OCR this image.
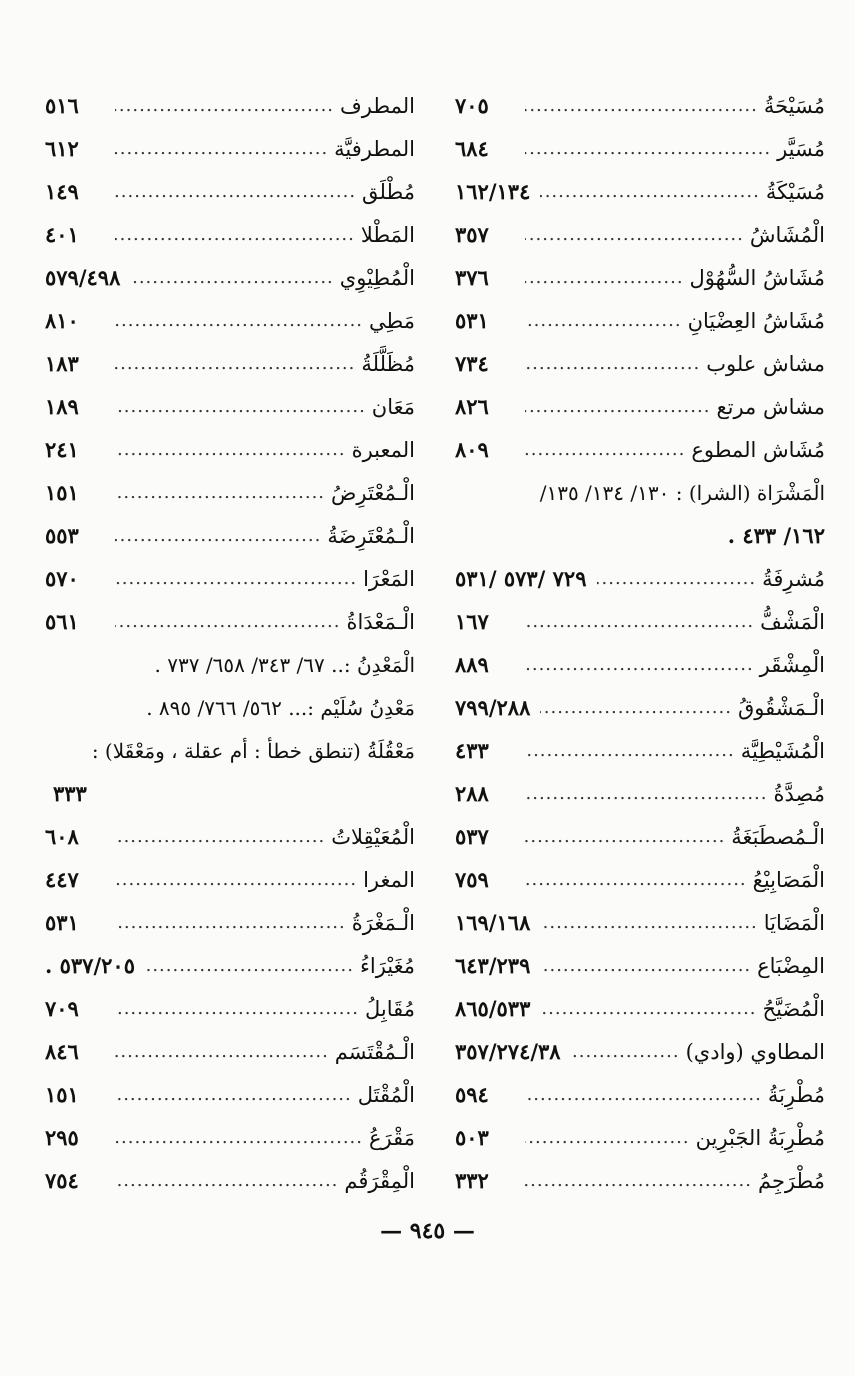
مُسَيْحَةُ
.....
٧٠٥
مُسَيَّر
.....
٦٨٤
مُسَيْكَةُ
.....
١٦٢/١٣٤
الْمُشَاشُ
.....
٣٥٧
مُشَاشُ السُّهُوْل
.....
٣٧٦
مُشَاشُ العِضْيَانِ
.....
٥٣١
مشاش علوب
.....
٧٣٤
مشاش مرتع
.....
٨٢٦
مُشَاش المطوع
.....
٨٠٩
الْمَشْرَاة (الشرا) : ١٣٠/ ١٣٤/ ١٣٥/
١٦٢/ ٤٣٣ .
مُشرِفَةُ
.....
٧٢٩ /٥٧٣ /٥٣١
الْمَشْفُّ
.....
١٦٧
الْمِشْقَر
.....
٨٨٩
الْـمَشْقُوقُ
.....
٧٩٩/٢٨٨
الْمُشَيْطِيَّة
.....
٤٣٣
مُصِدَّةُ
.....
٢٨٨
الْـمُصطَبَغَةُ
.....
٥٣٧
الْمَصَابِيْعُ
.....
٧٥٩
الْمَضَايَا
.....
١٦٩/١٦٨
المِضْبَاع
.....
٦٤٣/٢٣٩
الْمُضَيَّحُ
.....
٨٦٥/٥٣٣
المطاوي (وادي)
.....
٣٥٧/٢٧٤/٣٨
مُطْرِبَةُ
.....
٥٩٤
مُطْرِبَةُ الجَبْرِين
.....
٥٠٣
مُطْرَجِمُ
.....
٣٣٢
المطرف
.....
٥١٦
المطرفيَّة
.....
٦١٢
مُطْلَق
.....
١٤٩
المَطْلا
.....
٤٠١
الْمُطِيْوِي
.....
٥٧٩/٤٩٨
مَطِي
.....
٨١٠
مُظَلَّلَةُ
.....
١٨٣
مَعَان
.....
١٨٩
المعبرة
.....
٢٤١
الْـمُعْتَرِضُ
.....
١٥١
الْـمُعْتَرِضَةُ
.....
٥٥٣
المَعْرَا
.....
٥٧٠
الْـمَعْدَاةُ
.....
٥٦١
الْمَعْدِنُ :.. ٦٧/ ٣٤٣/ ٦٥٨/ ٧٣٧ .
مَعْدِنُ سُلَيْم :... ٥٦٢/ ٧٦٦/ ٨٩٥ .
مَعْقُلَةُ (تنطق خطأ : أم عقلة ، ومَعْقَلا) :
٣٣٣
الْمُعَيْقِلاتُ
.....
٦٠٨
المغرا
.....
٤٤٧
الْـمَغْرَةُ
.....
٥٣١
مُغَيْرَاءُ
.....
٥٣٧/٢٠٥ .
مُقَابِلُ
.....
٧٠٩
الْـمُقْتَسَم
.....
٨٤٦
الْمُقْتَل
.....
١٥١
مَقْرَعُ
.....
٢٩٥
الْمِقْرَقُم
.....
٧٥٤
— ٩٤٥ —
